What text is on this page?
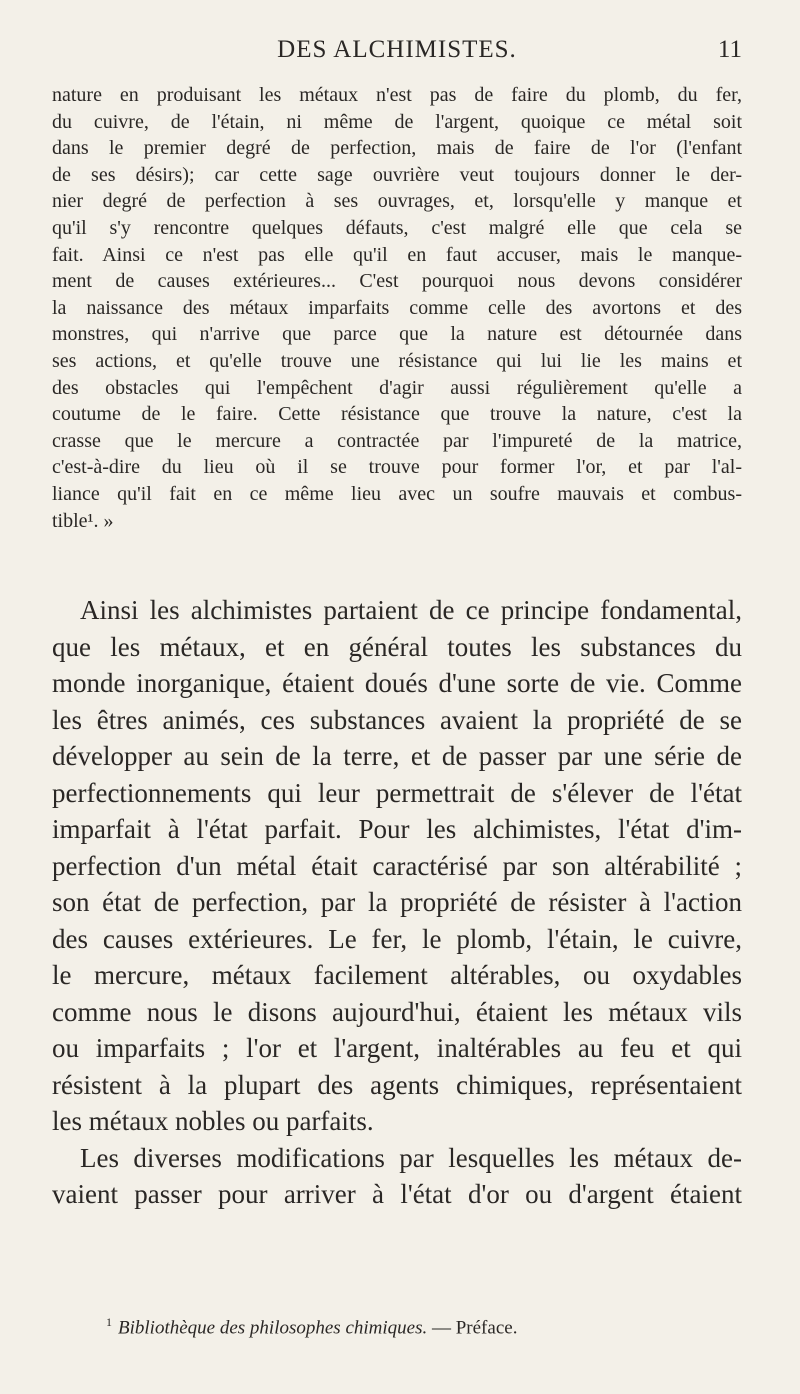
DES ALCHIMISTES.	11
nature en produisant les métaux n'est pas de faire du plomb, du fer,
du cuivre, de l'étain, ni même de l'argent, quoique ce métal soit
dans le premier degré de perfection, mais de faire de l'or (l'enfant
de ses désirs); car cette sage ouvrière veut toujours donner le der-
nier degré de perfection à ses ouvrages, et, lorsqu'elle y manque et
qu'il s'y rencontre quelques défauts, c'est malgré elle que cela se
fait. Ainsi ce n'est pas elle qu'il en faut accuser, mais le manque-
ment de causes extérieures... C'est pourquoi nous devons considérer
la naissance des métaux imparfaits comme celle des avortons et des
monstres, qui n'arrive que parce que la nature est détournée dans
ses actions, et qu'elle trouve une résistance qui lui lie les mains et
des obstacles qui l'empêchent d'agir aussi régulièrement qu'elle a
coutume de le faire. Cette résistance que trouve la nature, c'est la
crasse que le mercure a contractée par l'impureté de la matrice,
c'est-à-dire du lieu où il se trouve pour former l'or, et par l'al-
liance qu'il fait en ce même lieu avec un soufre mauvais et combus-
tible¹. »
Ainsi les alchimistes partaient de ce principe fondamental,
que les métaux, et en général toutes les substances du
monde inorganique, étaient doués d'une sorte de vie. Comme
les êtres animés, ces substances avaient la propriété de se
développer au sein de la terre, et de passer par une série de
perfectionnements qui leur permettrait de s'élever de l'état
imparfait à l'état parfait. Pour les alchimistes, l'état d'im-
perfection d'un métal était caractérisé par son altérabilité ;
son état de perfection, par la propriété de résister à l'action
des causes extérieures. Le fer, le plomb, l'étain, le cuivre,
le mercure, métaux facilement altérables, ou oxydables
comme nous le disons aujourd'hui, étaient les métaux vils
ou imparfaits ; l'or et l'argent, inaltérables au feu et qui
résistent à la plupart des agents chimiques, représentaient
les métaux nobles ou parfaits.
Les diverses modifications par lesquelles les métaux de-
vaient passer pour arriver à l'état d'or ou d'argent étaient
$^1$ Bibliothèque des philosophes chimiques. — Préface.
